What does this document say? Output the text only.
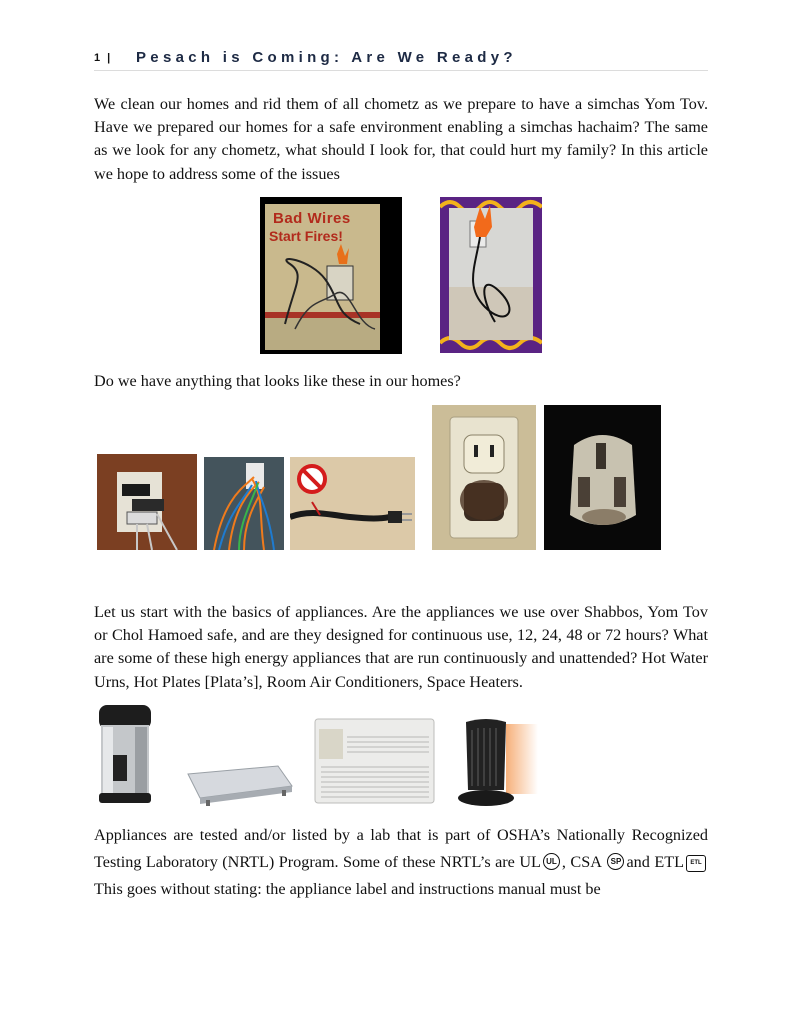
1 | Pesach is Coming: Are We Ready?

We clean our homes and rid them of all chometz as we prepare to have a simchas Yom Tov. Have we prepared our homes for a safe environment enabling a simchas hachaim? The same as we look for any chometz, what should I look for, that could hurt my family? In this article we hope to address some of the issues

Bad Wires
Start Fires!
Do we have anything that looks like these in our homes?

Let us start with the basics of appliances. Are the appliances we use over Shabbos, Yom Tov or Chol Hamoed safe, and are they designed for continuous use, 12, 24, 48 or 72 hours? What are some of these high energy appliances that are run continuously and unattended? Hot Water Urns, Hot Plates [Plata’s], Room Air Conditioners, Space Heaters.

Appliances are tested and/or listed by a lab that is part of OSHA’s Nationally Recognized Testing Laboratory (NRTL) Program. Some of these NRTL’s are UL UL , CSA SP and ETL ETL This goes without stating: the appliance label and instructions manual must be
